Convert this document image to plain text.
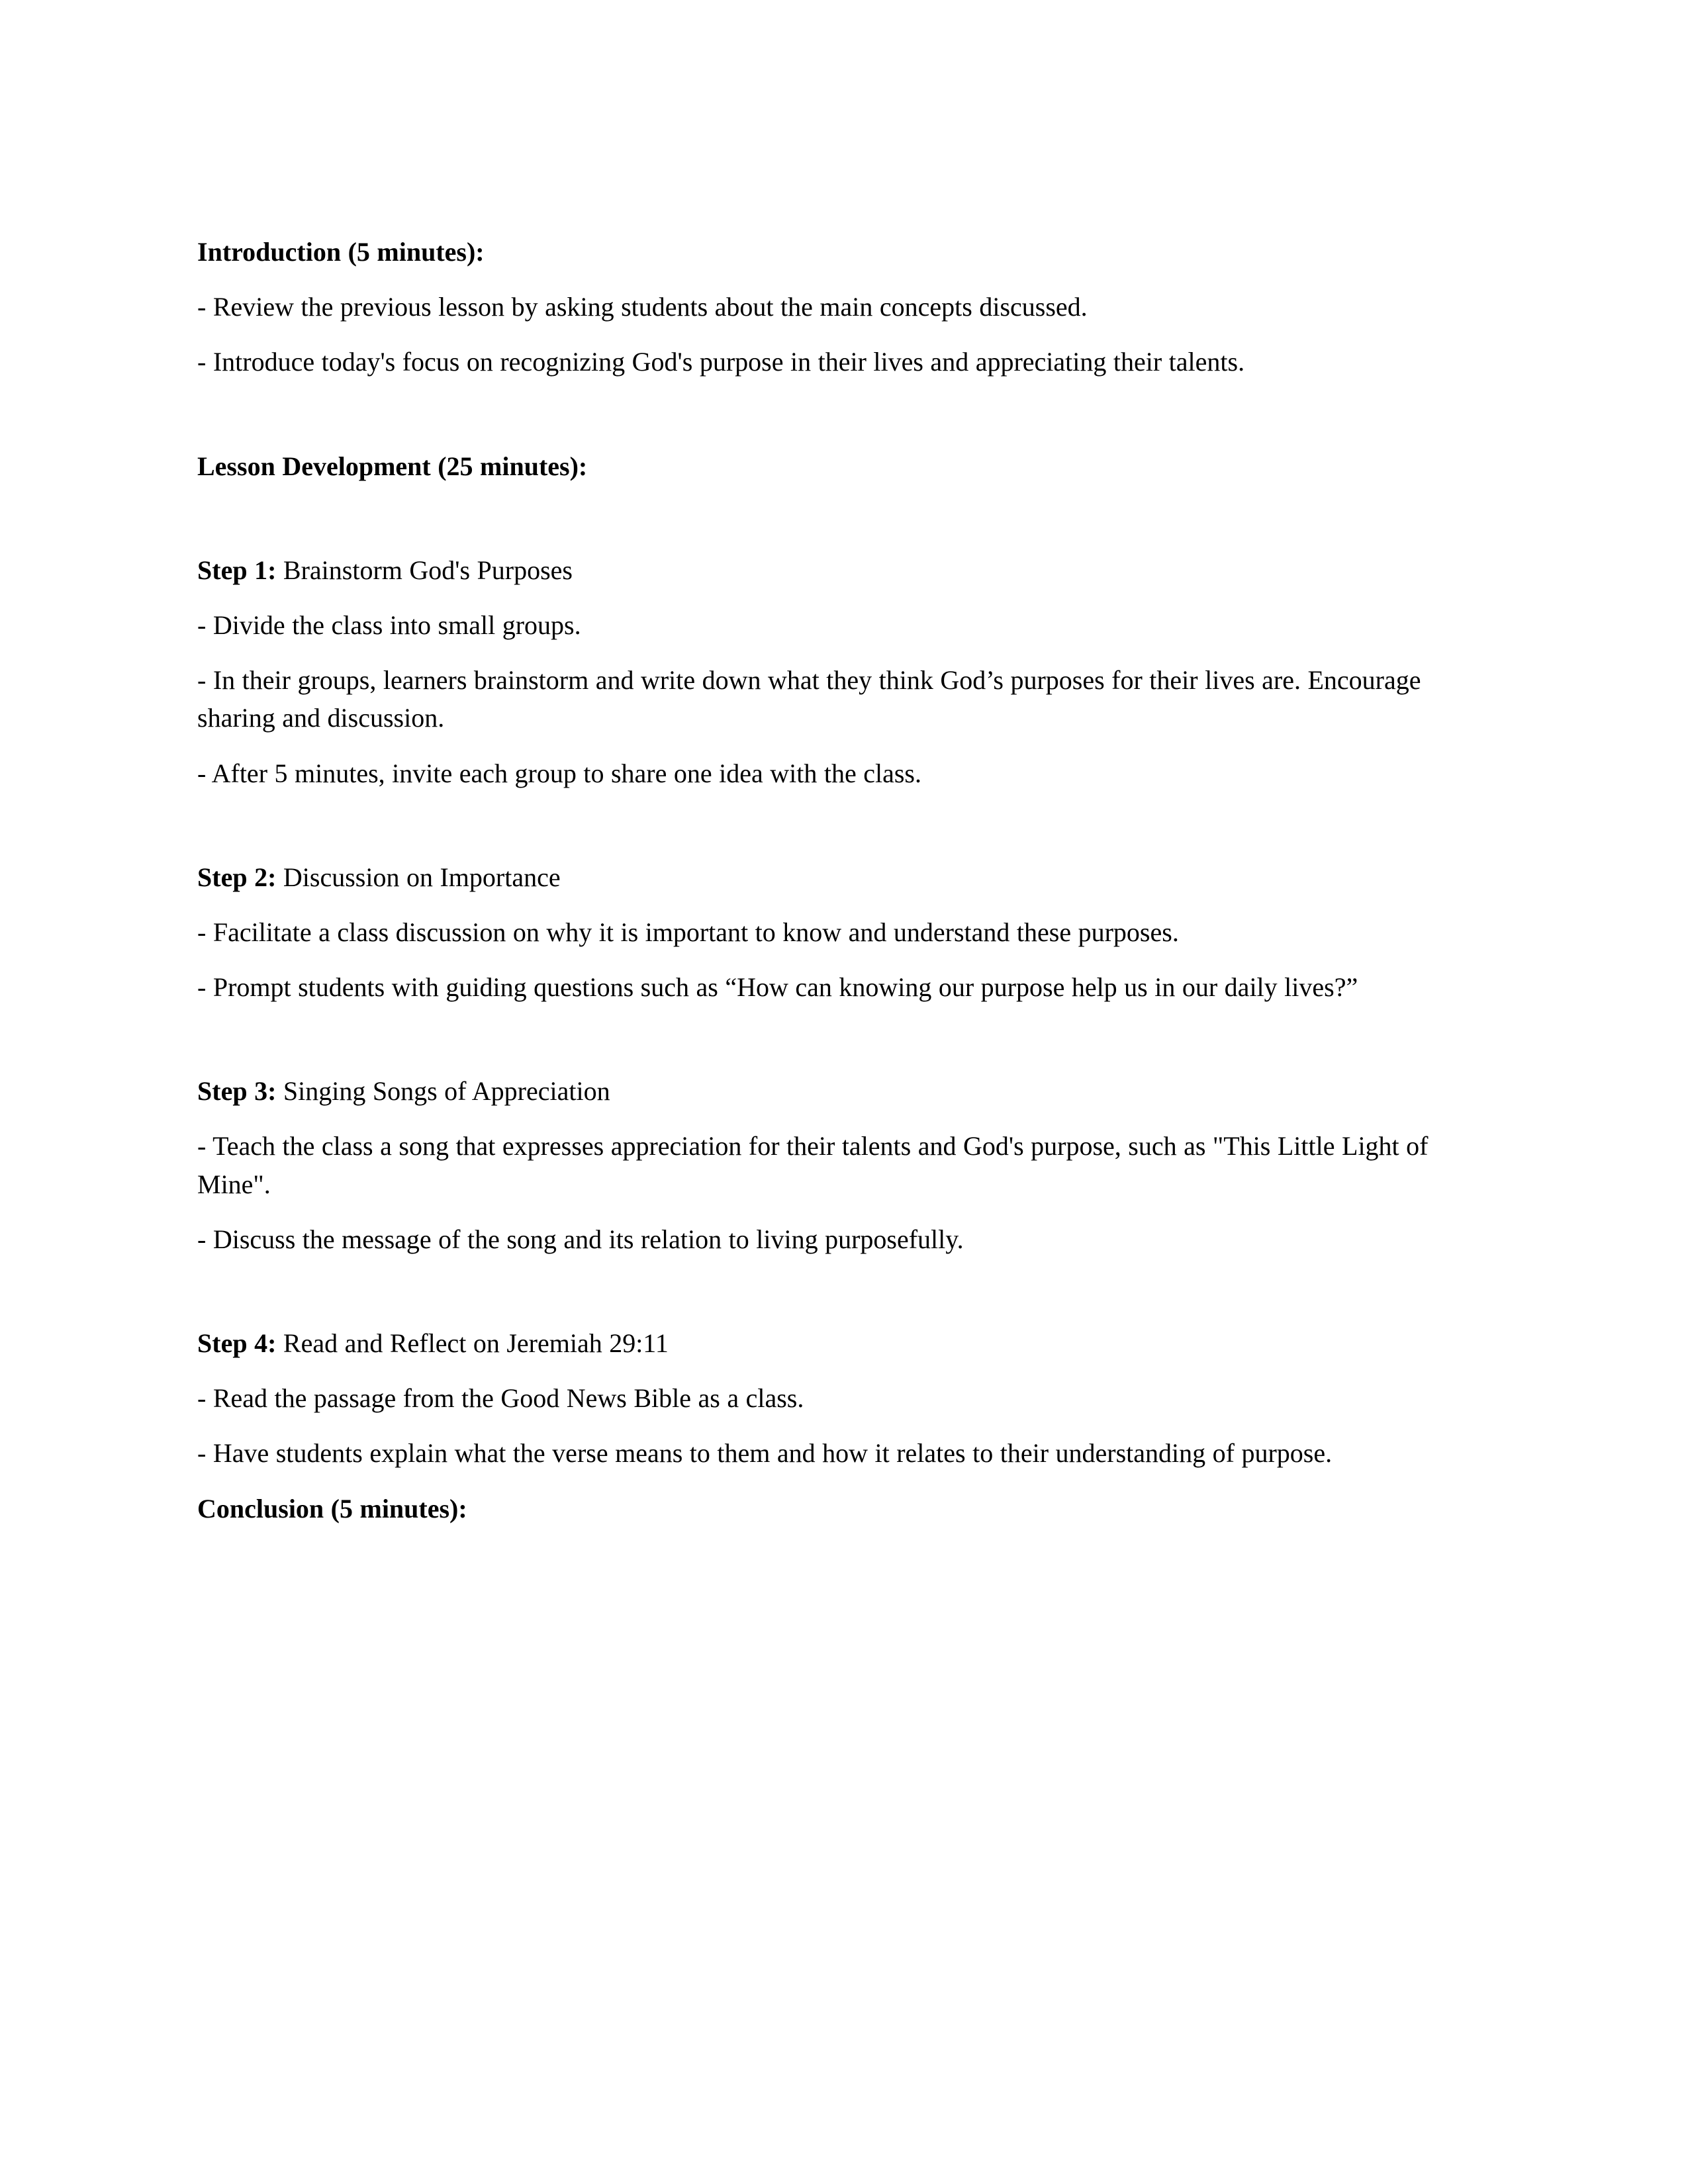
Introduction (5 minutes):

- Review the previous lesson by asking students about the main concepts discussed.

- Introduce today's focus on recognizing God's purpose in their lives and appreciating their talents.

Lesson Development (25 minutes):

Step 1: Brainstorm God's Purposes

- Divide the class into small groups.

- In their groups, learners brainstorm and write down what they think God’s purposes for their lives are. Encourage sharing and discussion.

- After 5 minutes, invite each group to share one idea with the class.

Step 2: Discussion on Importance

- Facilitate a class discussion on why it is important to know and understand these purposes.

- Prompt students with guiding questions such as “How can knowing our purpose help us in our daily lives?”

Step 3: Singing Songs of Appreciation

- Teach the class a song that expresses appreciation for their talents and God's purpose, such as "This Little Light of Mine".

- Discuss the message of the song and its relation to living purposefully.

Step 4: Read and Reflect on Jeremiah 29:11

- Read the passage from the Good News Bible as a class.

- Have students explain what the verse means to them and how it relates to their understanding of purpose.

Conclusion (5 minutes):
